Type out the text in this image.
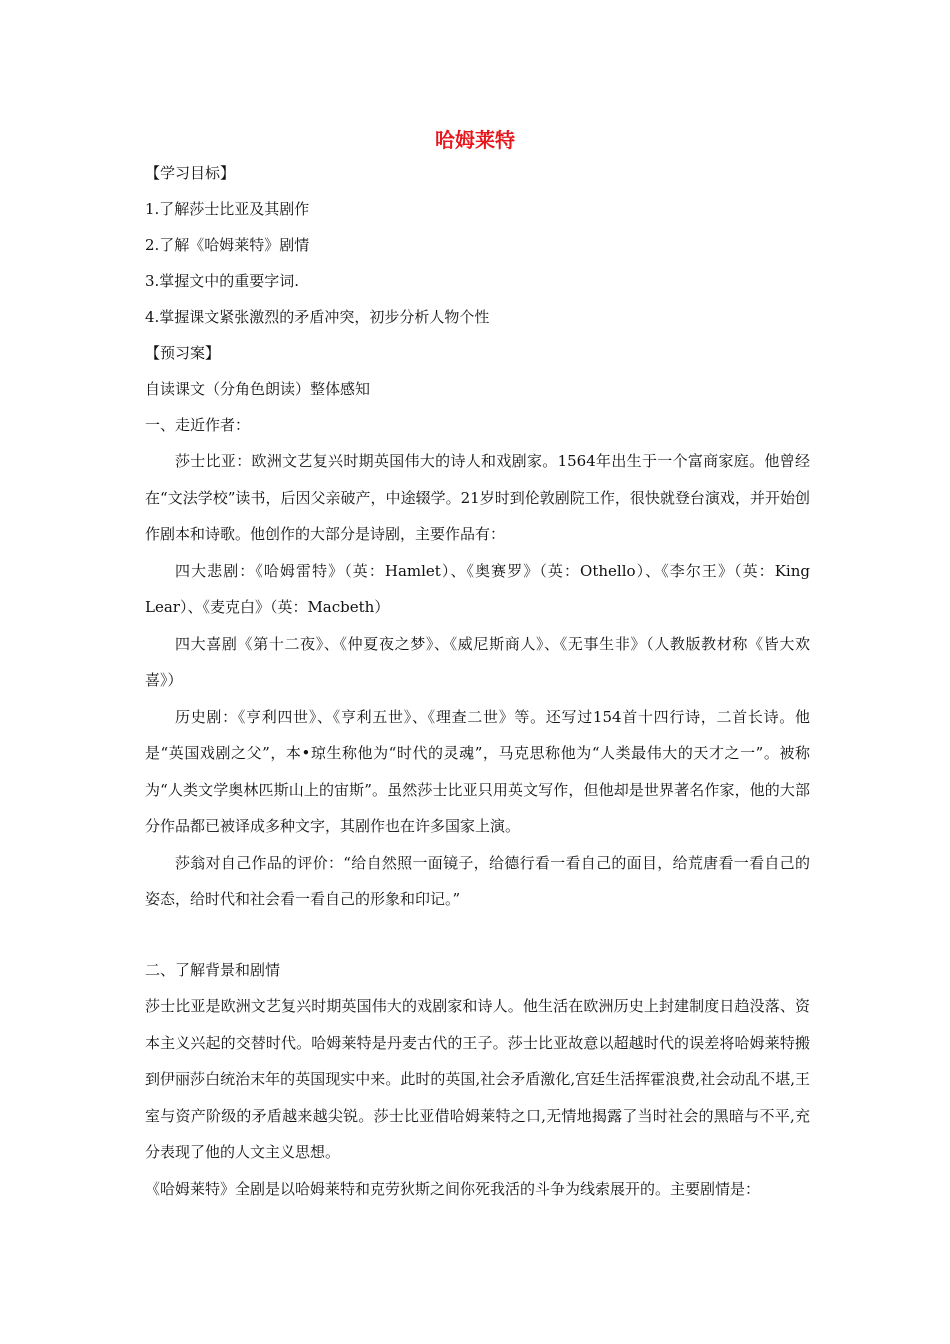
哈姆莱特
【学习目标】
1.了解莎士比亚及其剧作
2.了解《哈姆莱特》剧情
3.掌握文中的重要字词.
4.掌握课文紧张激烈的矛盾冲突，初步分析人物个性
【预习案】
自读课文（分角色朗读）整体感知
一、走近作者：

莎士比亚：欧洲文艺复兴时期英国伟大的诗人和戏剧家。1564年出生于一个富商家庭。他曾经在“文法学校”读书，后因父亲破产，中途辍学。21岁时到伦敦剧院工作，很快就登台演戏，并开始创作剧本和诗歌。他创作的大部分是诗剧，主要作品有：

四大悲剧：《哈姆雷特》（英：Hamlet）、《奥赛罗》（英：Othello）、《李尔王》（英：King Lear）、《麦克白》（英：Macbeth）

四大喜剧《第十二夜》、《仲夏夜之梦》、《威尼斯商人》、《无事生非》（人教版教材称《皆大欢喜》）

历史剧：《亨利四世》、《亨利五世》、《理查二世》等。还写过154首十四行诗，二首长诗。他是“英国戏剧之父”，本•琼生称他为“时代的灵魂”，马克思称他为“人类最伟大的天才之一”。被称为“人类文学奥林匹斯山上的宙斯”。虽然莎士比亚只用英文写作，但他却是世界著名作家，他的大部分作品都已被译成多种文字，其剧作也在许多国家上演。

莎翁对自己作品的评价：“给自然照一面镜子，给德行看一看自己的面目，给荒唐看一看自己的姿态，给时代和社会看一看自己的形象和印记。”

二、了解背景和剧情

莎士比亚是欧洲文艺复兴时期英国伟大的戏剧家和诗人。他生活在欧洲历史上封建制度日趋没落、资本主义兴起的交替时代。哈姆莱特是丹麦古代的王子。莎士比亚故意以超越时代的误差将哈姆莱特搬到伊丽莎白统治末年的英国现实中来。此时的英国,社会矛盾激化,宫廷生活挥霍浪费,社会动乱不堪,王室与资产阶级的矛盾越来越尖锐。莎士比亚借哈姆莱特之口,无情地揭露了当时社会的黑暗与不平,充分表现了他的人文主义思想。

《哈姆莱特》全剧是以哈姆莱特和克劳狄斯之间你死我活的斗争为线索展开的。主要剧情是：
